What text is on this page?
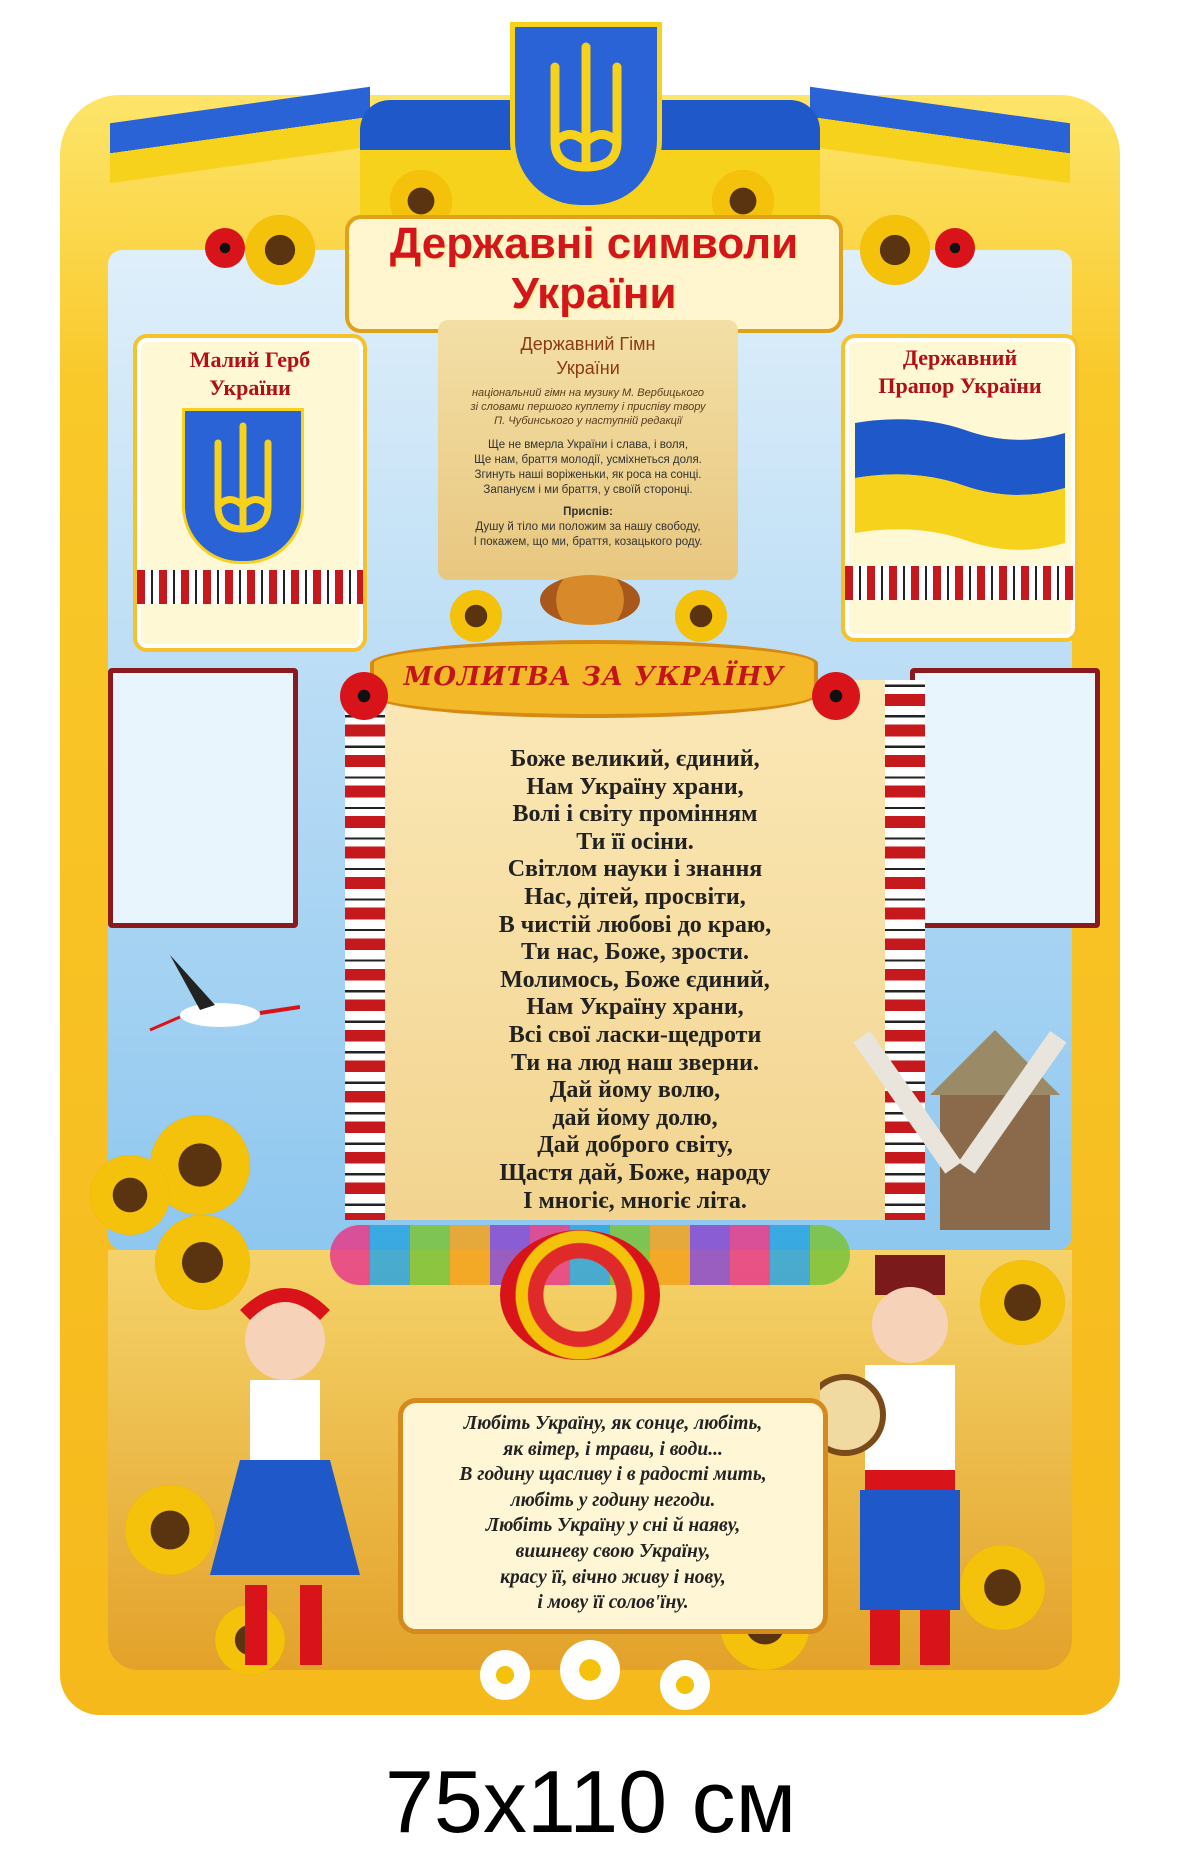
Державні символи
України
Малий Герб
України
Державний
Прапор України
Державний Гімн
України
національний гімн на музику М. Вербицького
зі словами першого куплету і приспіву твору
П. Чубинського у наступній редакції
Ще не вмерла України і слава, і воля,
Ще нам, браття молодії, усміхнеться доля.
Згинуть наші воріженьки, як роса на сонці.
Запануєм і ми браття, у своїй сторонці.
Приспів:
Душу й тіло ми положим за нашу свободу,
І покажем, що ми, браття, козацького роду.
Боже великий, єдиний,
Нам Україну храни,
Волі і світу промінням
Ти її осіни.
Світлом науки і знання
Нас, дітей, просвіти,
В чистій любові до краю,
Ти нас, Боже, зрости.
Молимось, Боже єдиний,
Нам Україну храни,
Всі свої ласки-щедроти
Ти на люд наш зверни.
Дай йому волю,
дай йому долю,
Дай доброго світу,
Щастя дай, Боже, народу
І многіє, многіє літа.
МОЛИТВА ЗА УКРАЇНУ
Любіть Україну, як сонце, любіть,
як вітер, і трави, і води...
В годину щасливу і в радості мить,
любіть у годину негоди.
Любіть Україну у сні й наяву,
вишневу свою Україну,
красу її, вічно живу і нову,
і мову її солов'їну.
75x110 см
